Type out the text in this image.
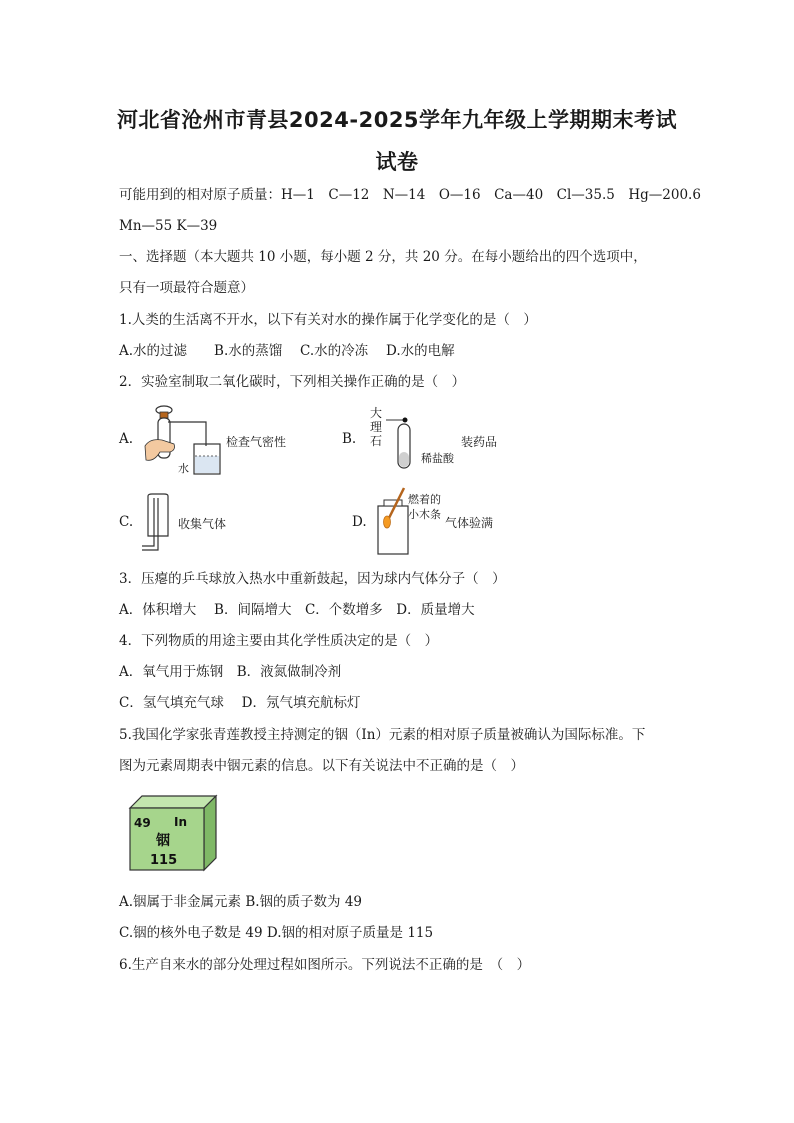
河北省沧州市青县2024-2025学年九年级上学期期末考试
试卷
可能用到的相对原子质量：H—1　C—12　N—14　O—16　Ca—40　Cl—35.5　Hg—200.6
Mn—55 K—39
一、选择题（本大题共 10 小题，每小题 2 分，共 20 分。在每小题给出的四个选项中，
只有一项最符合题意）
1.人类的生活离不开水，以下有关对水的操作属于化学变化的是（　）
A.水的过滤　　B.水的蒸馏　 C.水的冷冻　 D.水的电解
2．实验室制取二氧化碳时，下列相关操作正确的是（　）
A.
水
检查气密性	B.
大
理
石
稀盐酸
装药品
C.	收集气体	D.
燃着的
小木条
气体验满
3．压瘪的乒乓球放入热水中重新鼓起，因为球内气体分子（　）
A．体积增大　 B．间隔增大　C．个数增多　D．质量增大
4．下列物质的用途主要由其化学性质决定的是（　）
A．氧气用于炼钢　B．液氮做制冷剂
C．氢气填充气球　 D．氖气填充航标灯
5.我国化学家张青莲教授主持测定的铟（In）元素的相对原子质量被确认为国际标准。下
图为元素周期表中铟元素的信息。以下有关说法中不正确的是（　）
49 In
铟
115
A.铟属于非金属元素 B.铟的质子数为 49
C.铟的核外电子数是 49 D.铟的相对原子质量是 115
6.生产自来水的部分处理过程如图所示。下列说法不正确的是　（　）
